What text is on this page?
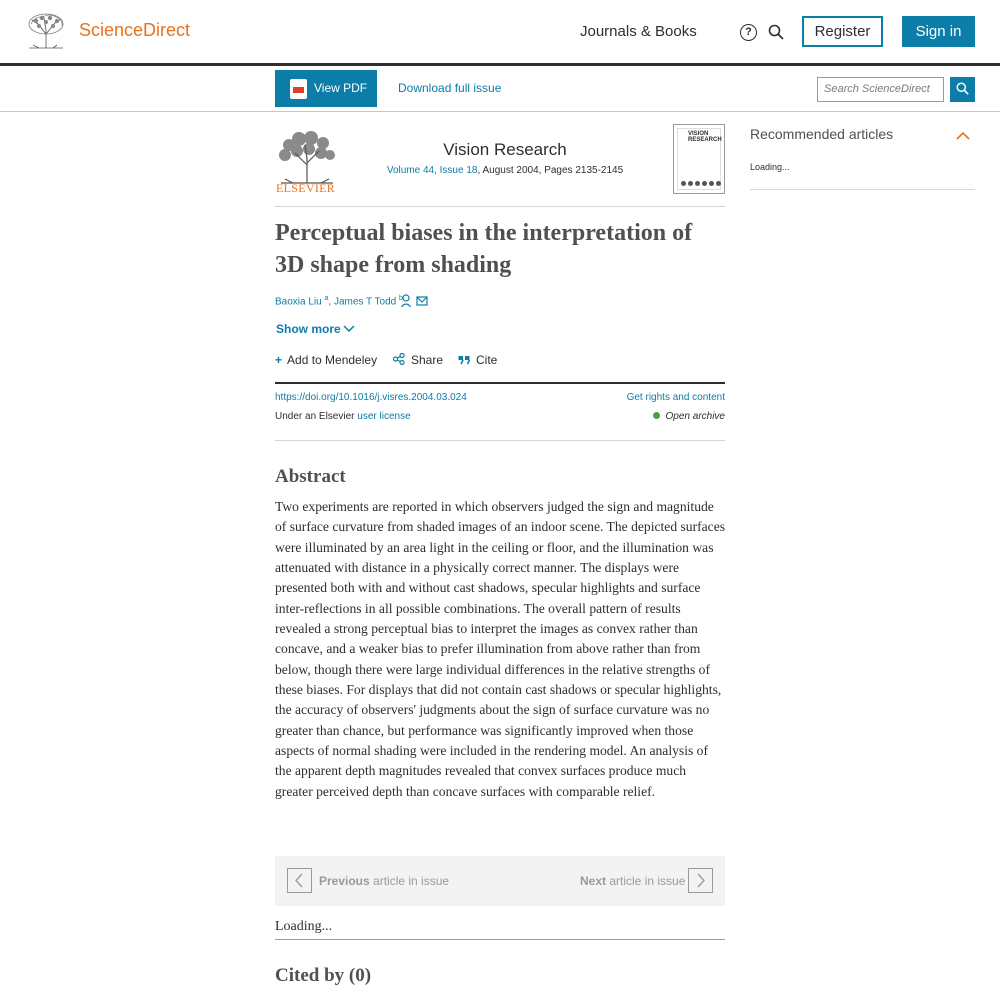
ScienceDirect	Journals & Books	?	Register	Sign in
View PDF	Download full issue	Search ScienceDirect
ELSEVIER
Vision Research
Volume 44, Issue 18, August 2004, Pages 2135-2145
VISION RESEARCH
Perceptual biases in the interpretation of 3D shape from shading
Baoxia Liu $^a$, James T Todd $^b$
Show more
+ Add to Mendeley	Share	Cite
https://doi.org/10.1016/j.visres.2004.03.024
Under an Elsevier user license
Get rights and content
Open archive
Abstract

Two experiments are reported in which observers judged the sign and magnitude of surface curvature from shaded images of an indoor scene. The depicted surfaces were illuminated by an area light in the ceiling or floor, and the illumination was attenuated with distance in a physically correct manner. The displays were presented both with and without cast shadows, specular highlights and surface inter-reflections in all possible combinations. The overall pattern of results revealed a strong perceptual bias to interpret the images as convex rather than concave, and a weaker bias to prefer illumination from above rather than from below, though there were large individual differences in the relative strengths of these biases. For displays that did not contain cast shadows or specular highlights, the accuracy of observers' judgments about the sign of surface curvature was no greater than chance, but performance was significantly improved when those aspects of normal shading were included in the rendering model. An analysis of the apparent depth magnitudes revealed that convex surfaces produce much greater perceived depth than concave surfaces with comparable relief.

Previous article in issue	Next article in issue
Loading...
Cited by (0)
Recommended articles
Loading...
